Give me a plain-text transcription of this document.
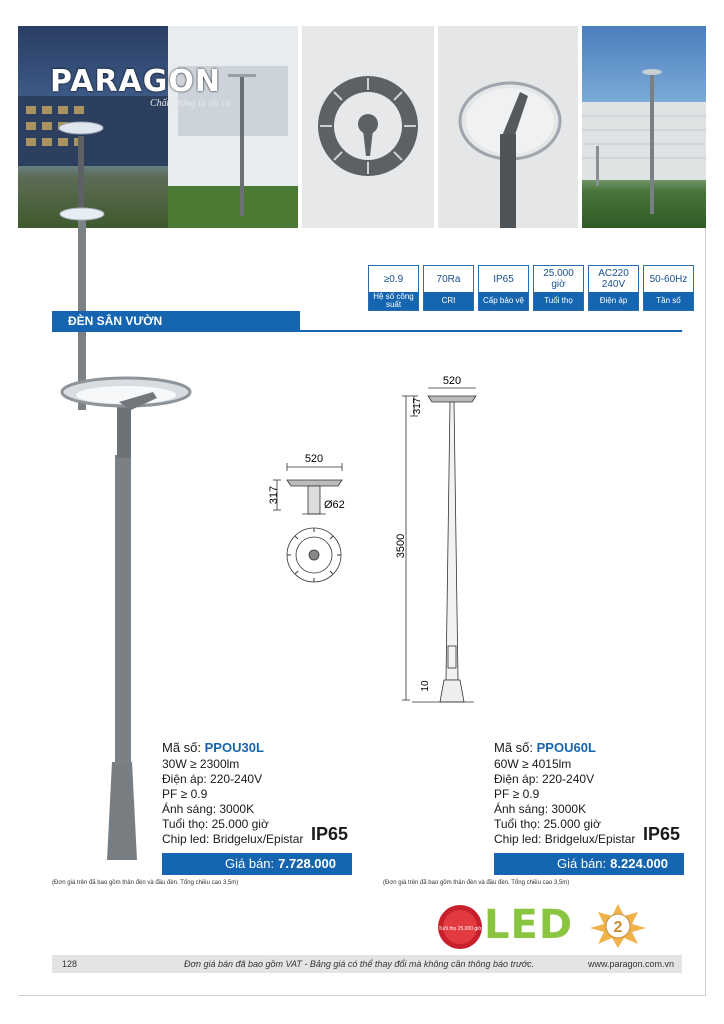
PARAGON
Chất lượng là tất cả
≥0.9
Hệ số công suất
70Ra
CRI
IP65
Cấp bảo vệ
25.000 giờ
Tuổi thọ
AC220 240V
Điện áp
50-60Hz
Tần số
ĐÈN SÂN VƯỜN
520
317
Ø62
520
317
3500
10
Mã số: PPOU30L
30W ≥ 2300lm
Điện áp: 220-240V
PF ≥ 0.9
Ánh sáng: 3000K
Tuổi thọ: 25.000 giờ
Chip led: Bridgelux/Epistar IP65
Giá bán: 7.728.000
(Đơn giá trên đã bao gồm thân đèn và đầu đèn. Tổng chiều cao 3,5m)
Mã số: PPOU60L
60W ≥ 4015lm
Điện áp: 220-240V
PF ≥ 0.9
Ánh sáng: 3000K
Tuổi thọ: 25.000 giờ
Chip led: Bridgelux/Epistar IP65
Giá bán: 8.224.000
(Đơn giá trên đã bao gồm thân đèn và đầu đèn. Tổng chiều cao 3,5m)
Tuổi thọ 25.000 giờ LED	2
128	Đơn giá bán đã bao gồm VAT - Bảng giá có thể thay đổi mà không cần thông báo trước.	www.paragon.com.vn
